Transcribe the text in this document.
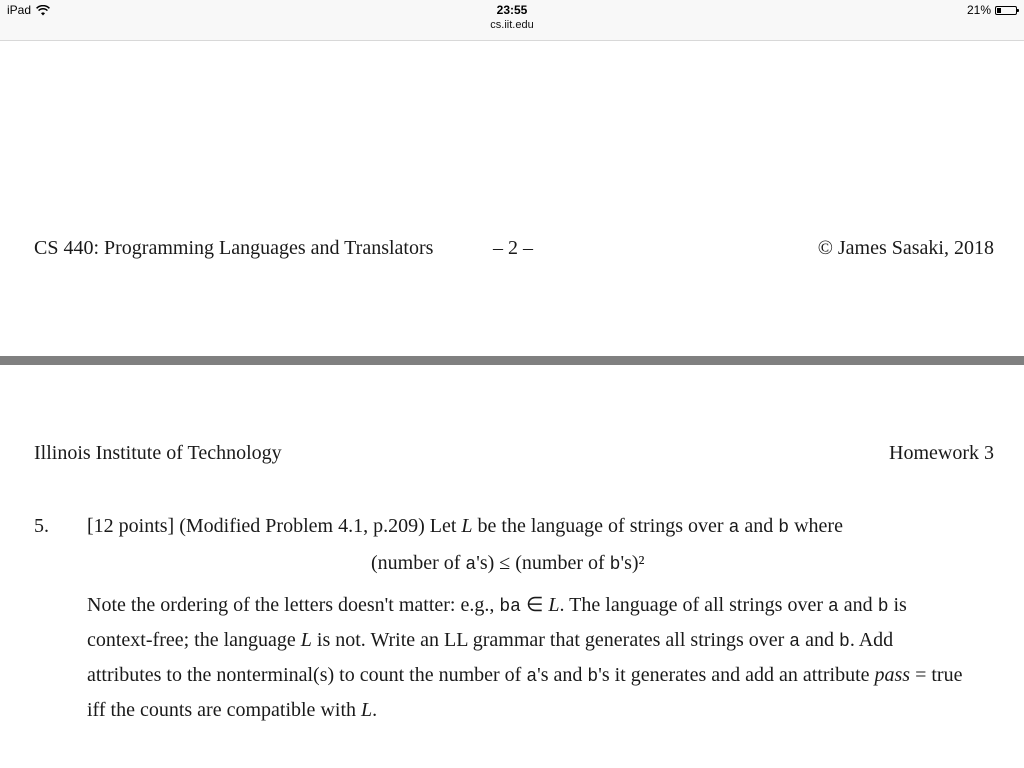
iPad	23:55
cs.iit.edu
21%
CS 440: Programming Languages and Translators	– 2 –	© James Sasaki, 2018
Illinois Institute of Technology	Homework 3
5. [12 points] (Modified Problem 4.1, p.209) Let L be the language of strings over a and b where
(number of a's) ≤ (number of b's)²
Note the ordering of the letters doesn't matter: e.g., ba ∈ L. The language of all strings over a and b is
context-free; the language L is not. Write an LL grammar that generates all strings over a and b. Add
attributes to the nonterminal(s) to count the number of a's and b's it generates and add an attribute pass = true
iff the counts are compatible with L.
